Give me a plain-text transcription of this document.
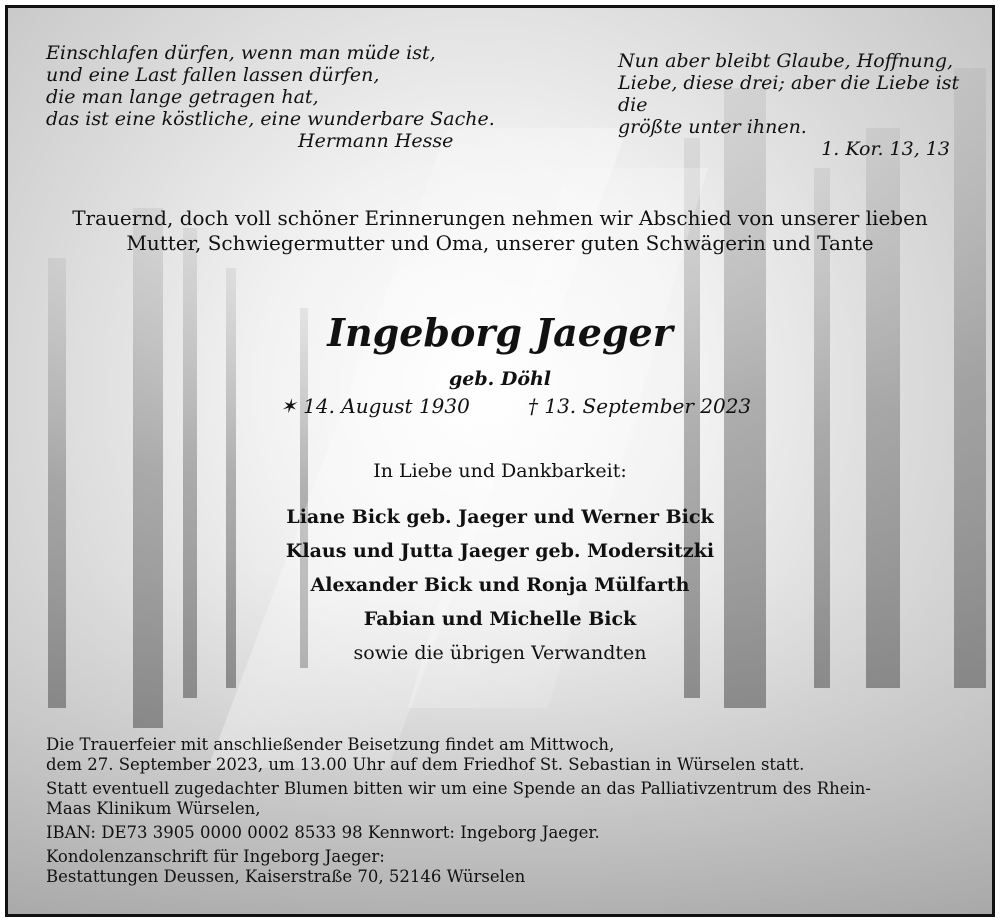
Einschlafen dürfen, wenn man müde ist,
und eine Last fallen lassen dürfen,
die man lange getragen hat,
das ist eine köstliche, eine wunderbare Sache.
Hermann Hesse
Nun aber bleibt Glaube, Hoffnung,
Liebe, diese drei; aber die Liebe ist die
größte unter ihnen.
1. Kor. 13, 13
Trauernd, doch voll schöner Erinnerungen nehmen wir Abschied von unserer lieben
Mutter, Schwiegermutter und Oma, unserer guten Schwägerin und Tante
Ingeborg Jaeger
geb. Döhl
✶ 14. August 1930	† 13. September 2023
In Liebe und Dankbarkeit:
Liane Bick geb. Jaeger und Werner Bick
Klaus und Jutta Jaeger geb. Modersitzki
Alexander Bick und Ronja Mülfarth
Fabian und Michelle Bick
sowie die übrigen Verwandten

Die Trauerfeier mit anschließender Beisetzung findet am Mittwoch,
dem 27. September 2023, um 13.00 Uhr auf dem Friedhof St. Sebastian in Würselen statt.

Statt eventuell zugedachter Blumen bitten wir um eine Spende an das Palliativzentrum des Rhein-
Maas Klinikum Würselen,

IBAN: DE73 3905 0000 0002 8533 98 Kennwort: Ingeborg Jaeger.

Kondolenzanschrift für Ingeborg Jaeger:
Bestattungen Deussen, Kaiserstraße 70, 52146 Würselen
